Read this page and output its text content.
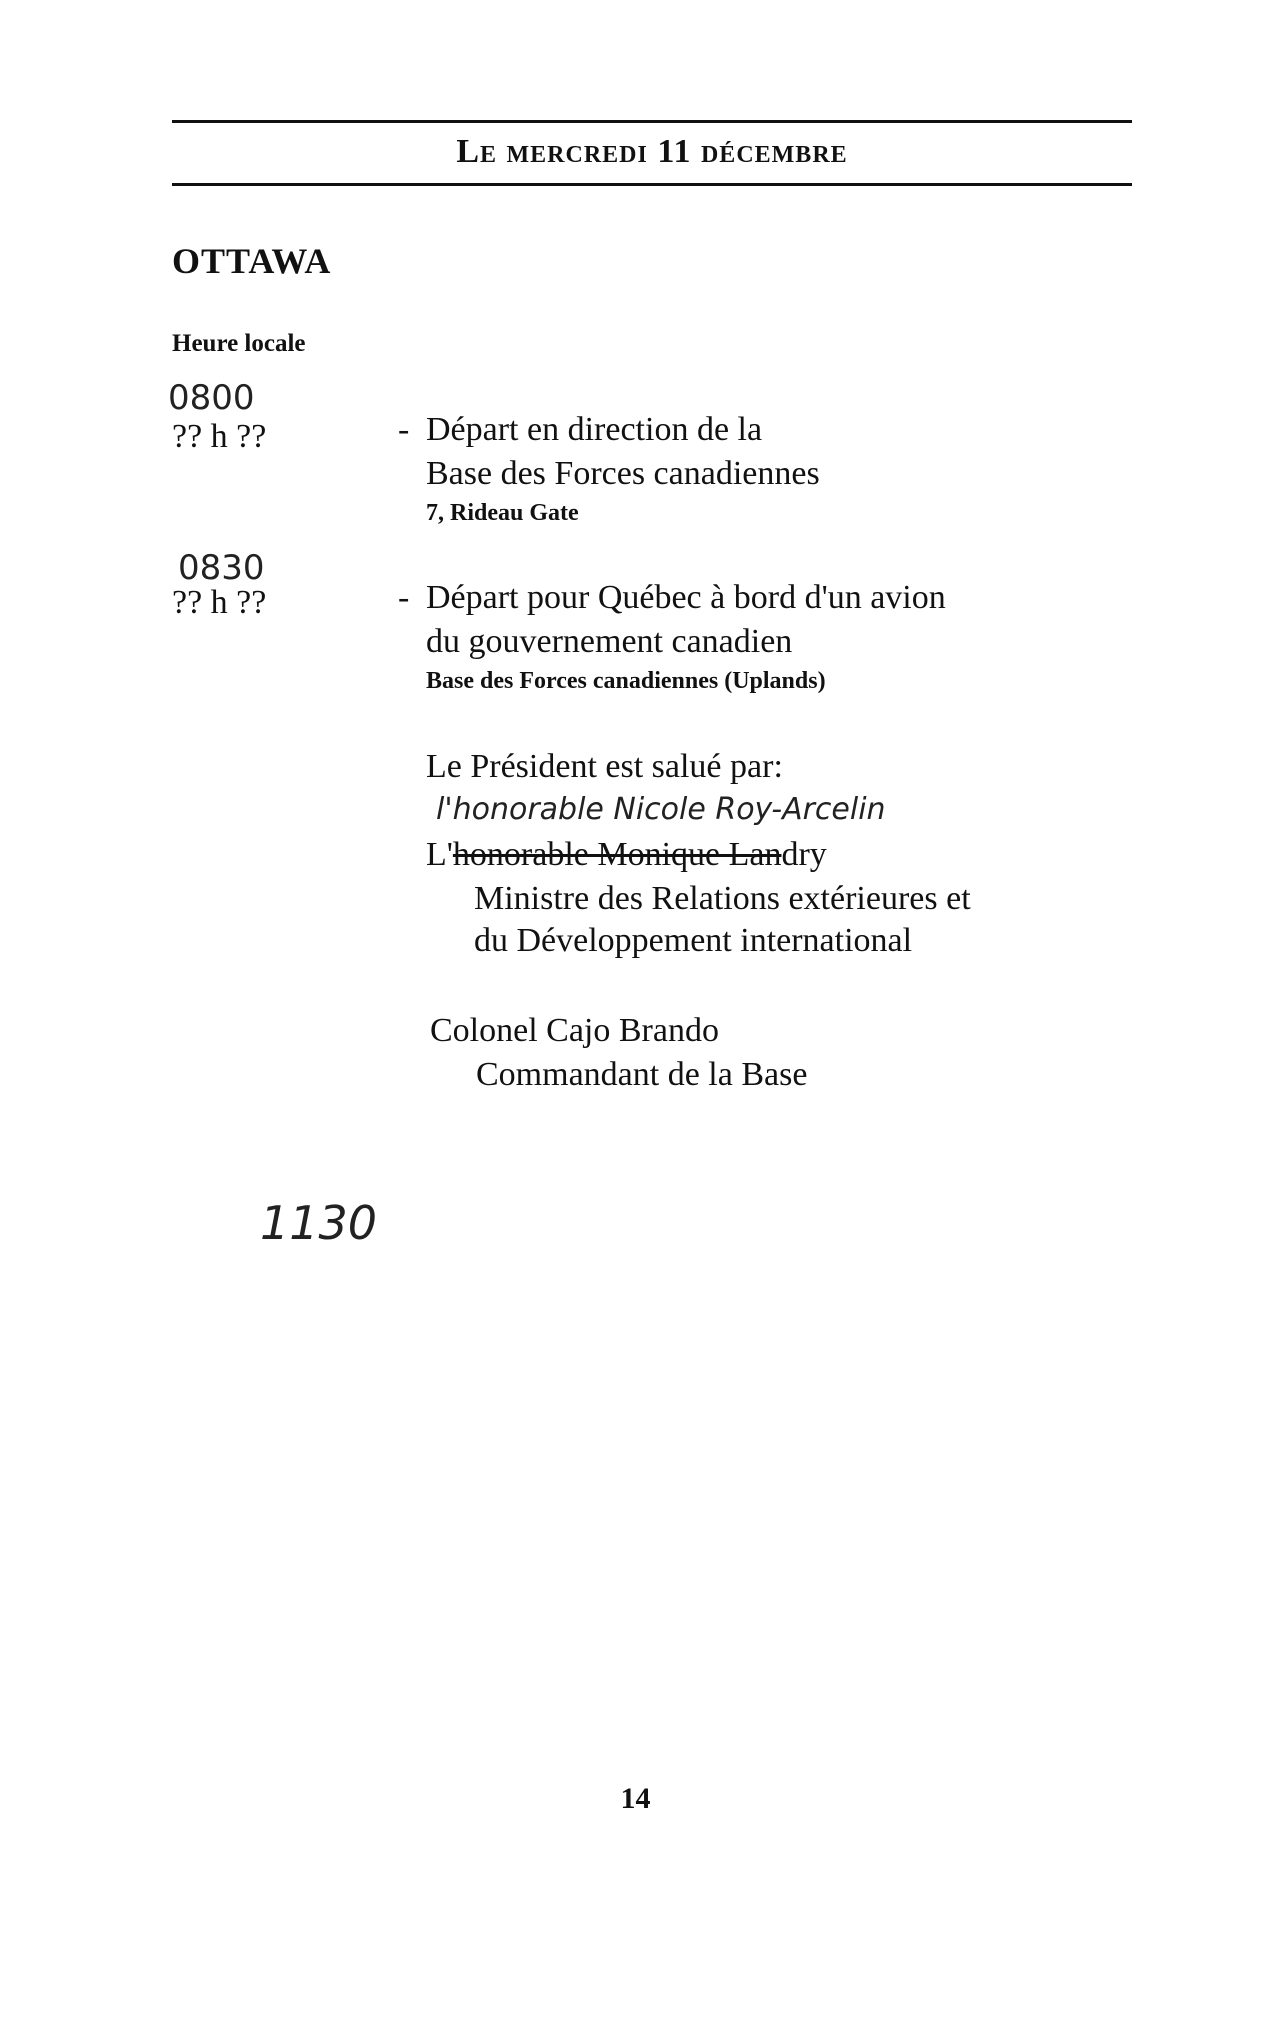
Le mercredi 11 décembre
OTTAWA
Heure locale
0800
?? h ??	- Départ en direction de la
Base des Forces canadiennes
7, Rideau Gate
0830
?? h ??	- Départ pour Québec à bord d'un avion
du gouvernement canadien
Base des Forces canadiennes (Uplands)
Le Président est salué par:
l'honorable Nicole Roy-Arcelin
L'honorable Monique Landry
Ministre des Relations extérieures et
du Développement international
Colonel Cajo Brando
Commandant de la Base
1130
14
